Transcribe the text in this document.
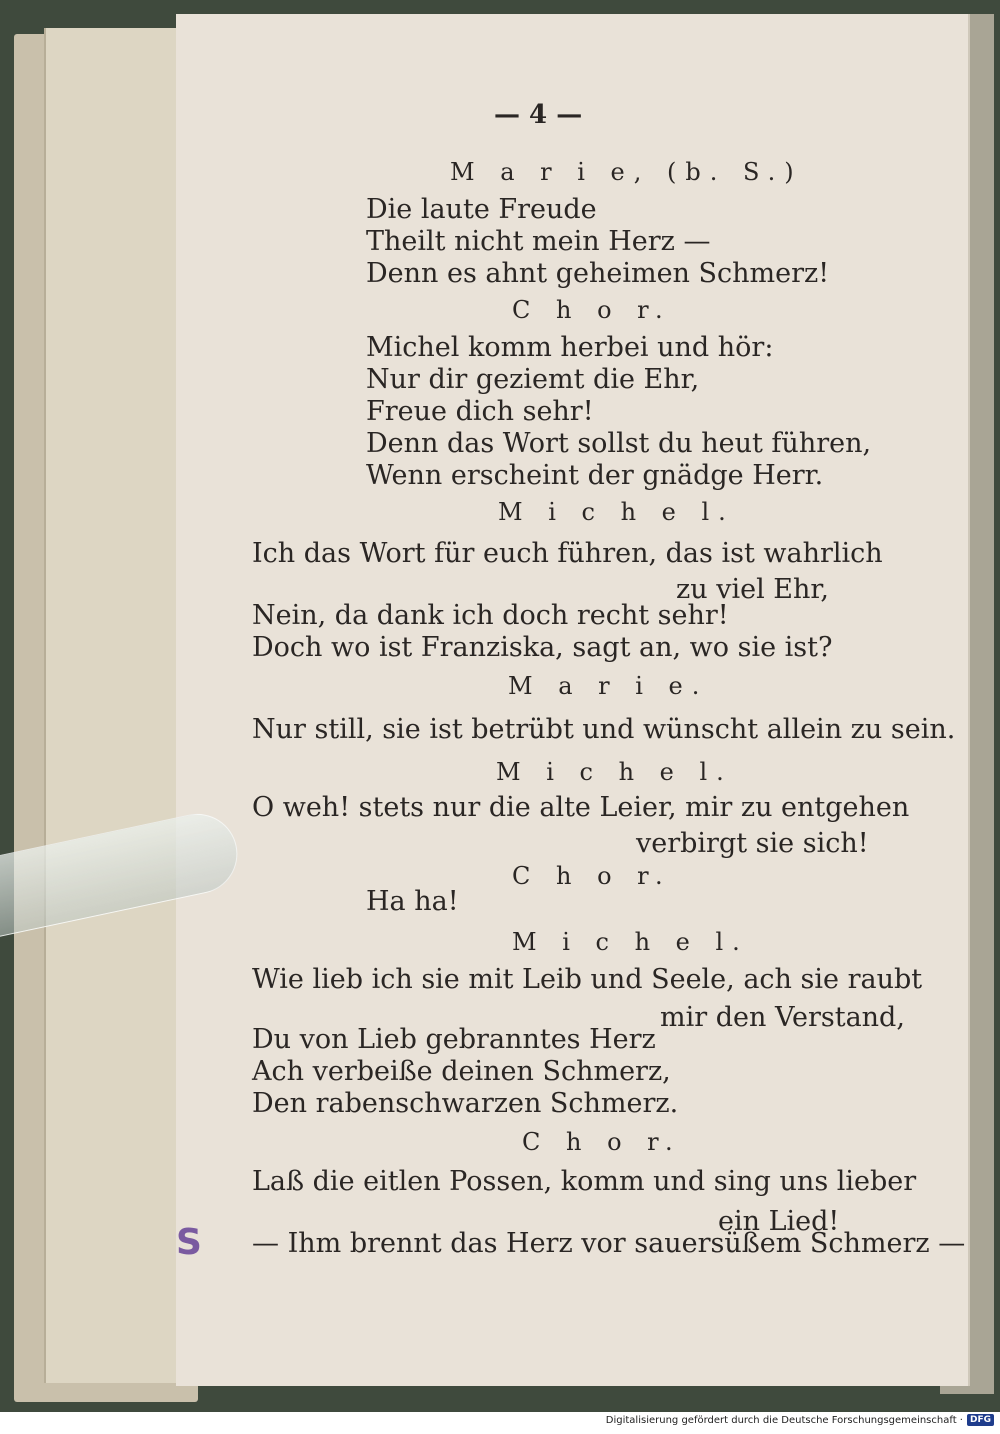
S
— 4 —
M a r i e, (b. S.)
Die laute Freude
Theilt nicht mein Herz —
Denn es ahnt geheimen Schmerz!
C h o r.
Michel komm herbei und hör:
Nur dir geziemt die Ehr,
Freue dich sehr!
Denn das Wort sollst du heut führen,
Wenn erscheint der gnädge Herr.
M i c h e l.
Ich das Wort für euch führen, das ist wahrlich
zu viel Ehr,
Nein, da dank ich doch recht sehr!
Doch wo ist Franziska, sagt an, wo sie ist?
M a r i e.
Nur still, sie ist betrübt und wünscht allein zu sein.
M i c h e l.
O weh! stets nur die alte Leier, mir zu entgehen
verbirgt sie sich!
C h o r.
Ha ha!
M i c h e l.
Wie lieb ich sie mit Leib und Seele, ach sie raubt
mir den Verstand,
Du von Lieb gebranntes Herz
Ach verbeiße deinen Schmerz,
Den rabenschwarzen Schmerz.
C h o r.
Laß die eitlen Possen, komm und sing uns lieber
ein Lied!
— Ihm brennt das Herz vor sauersüßem Schmerz —
Digitalisierung gefördert durch die Deutsche Forschungsgemeinschaft · DFG
